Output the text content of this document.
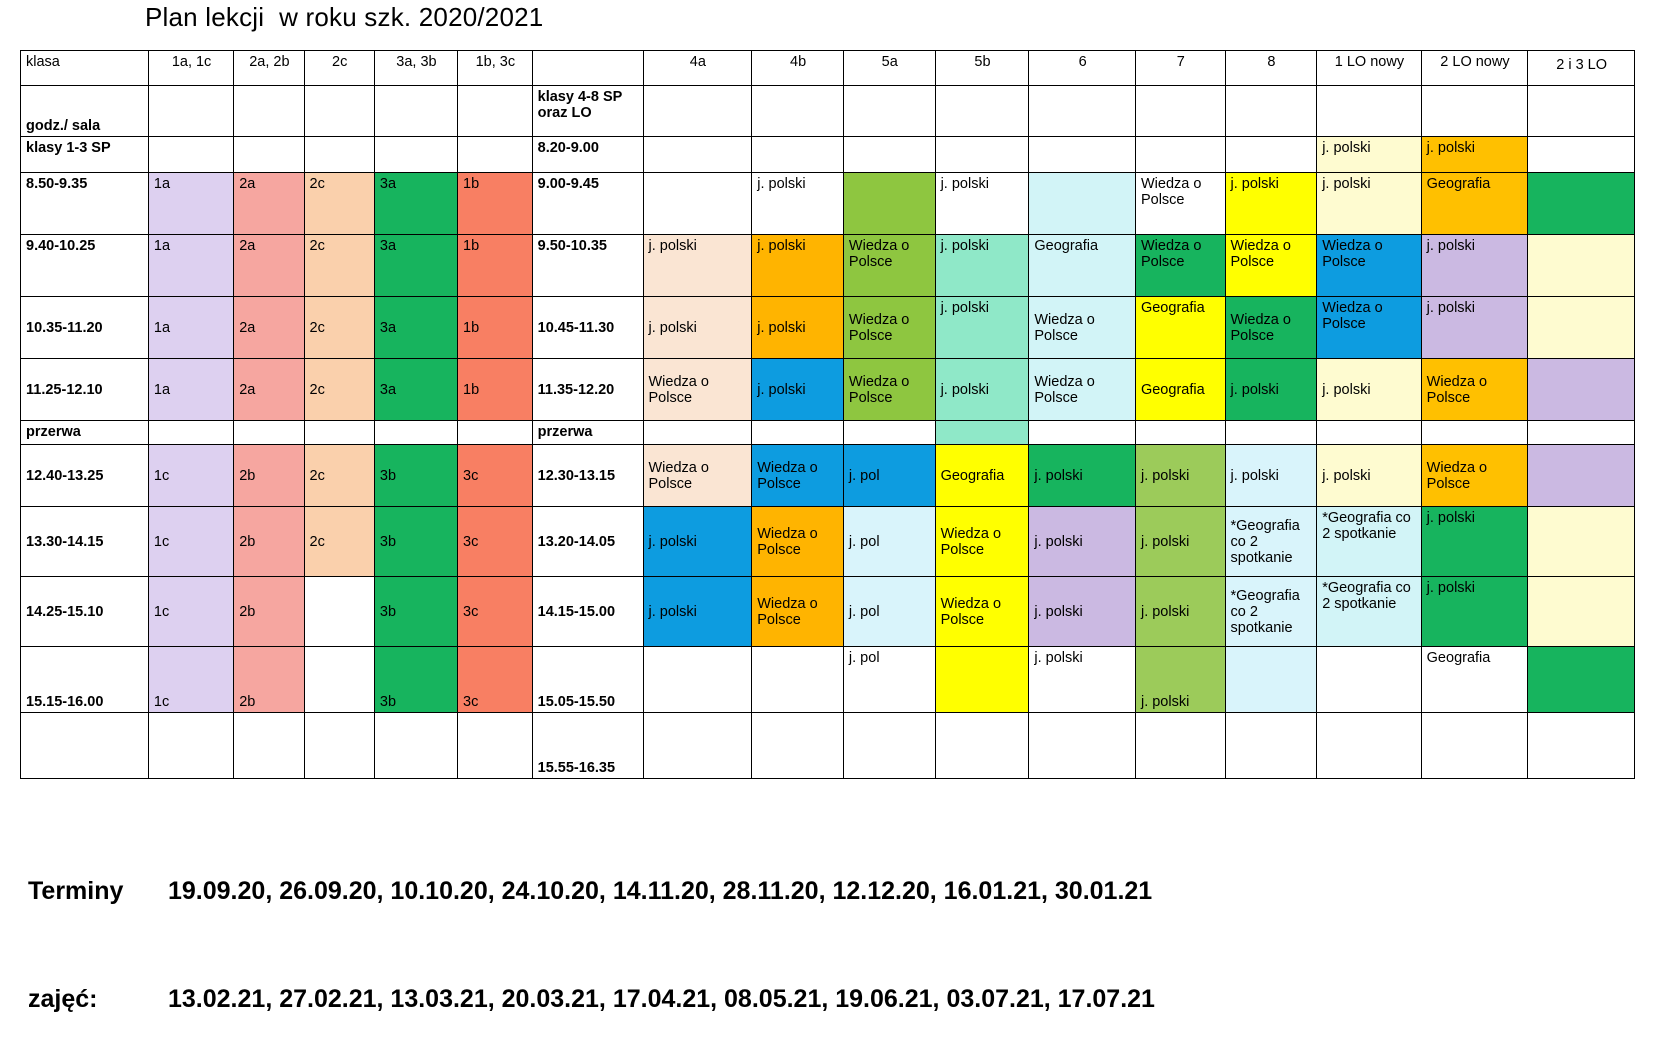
Plan lekcji  w roku szk. 2020/2021
klasa	1a, 1c	2a, 2b	2c	3a, 3b	1b, 3c		4a	4b	5a	5b	6	7	8	1 LO nowy	2 LO nowy	2 i 3 LO
godz./ sala						klasy 4-8 SP
oraz LO										
klasy 1-3 SP						8.20-9.00								j. polski	j. polski	
8.50-9.35	1a	2a	2c	3a	1b	9.00-9.45		j. polski		j. polski		Wiedza o Polsce	j. polski	j. polski	Geografia	
9.40-10.25	1a	2a	2c	3a	1b	9.50-10.35	j. polski	j. polski	Wiedza o Polsce	j. polski	Geografia	Wiedza o Polsce	Wiedza o Polsce	Wiedza o Polsce	j. polski	
10.35-11.20	1a	2a	2c	3a	1b	10.45-11.30	j. polski	j. polski	Wiedza o Polsce	j. polski	Wiedza o Polsce	Geografia	Wiedza o Polsce	Wiedza o Polsce	j. polski	
11.25-12.10	1a	2a	2c	3a	1b	11.35-12.20	Wiedza o Polsce	j. polski	Wiedza o Polsce	j. polski	Wiedza o Polsce	Geografia	j. polski	j. polski	Wiedza o Polsce	
przerwa						przerwa										
12.40-13.25	1c	2b	2c	3b	3c	12.30-13.15	Wiedza o Polsce	Wiedza o Polsce	j. pol	Geografia	j. polski	j. polski	j. polski	j. polski	Wiedza o Polsce	
13.30-14.15	1c	2b	2c	3b	3c	13.20-14.05	j. polski	Wiedza o Polsce	j. pol	Wiedza o Polsce	j. polski	j. polski	*Geografia co 2 spotkanie	*Geografia co 2 spotkanie	j. polski	
14.25-15.10	1c	2b		3b	3c	14.15-15.00	j. polski	Wiedza o Polsce	j. pol	Wiedza o Polsce	j. polski	j. polski	*Geografia co 2 spotkanie	*Geografia co 2 spotkanie	j. polski	
15.15-16.00	1c	2b		3b	3c	15.05-15.50			j. pol		j. polski	j. polski			Geografia	
						15.55-16.35										

Terminy 19.09.20, 26.09.20, 10.10.20, 24.10.20, 14.11.20, 28.11.20, 12.12.20, 16.01.21, 30.01.21

zajęć:	13.02.21, 27.02.21, 13.03.21, 20.03.21, 17.04.21, 08.05.21, 19.06.21, 03.07.21, 17.07.21
